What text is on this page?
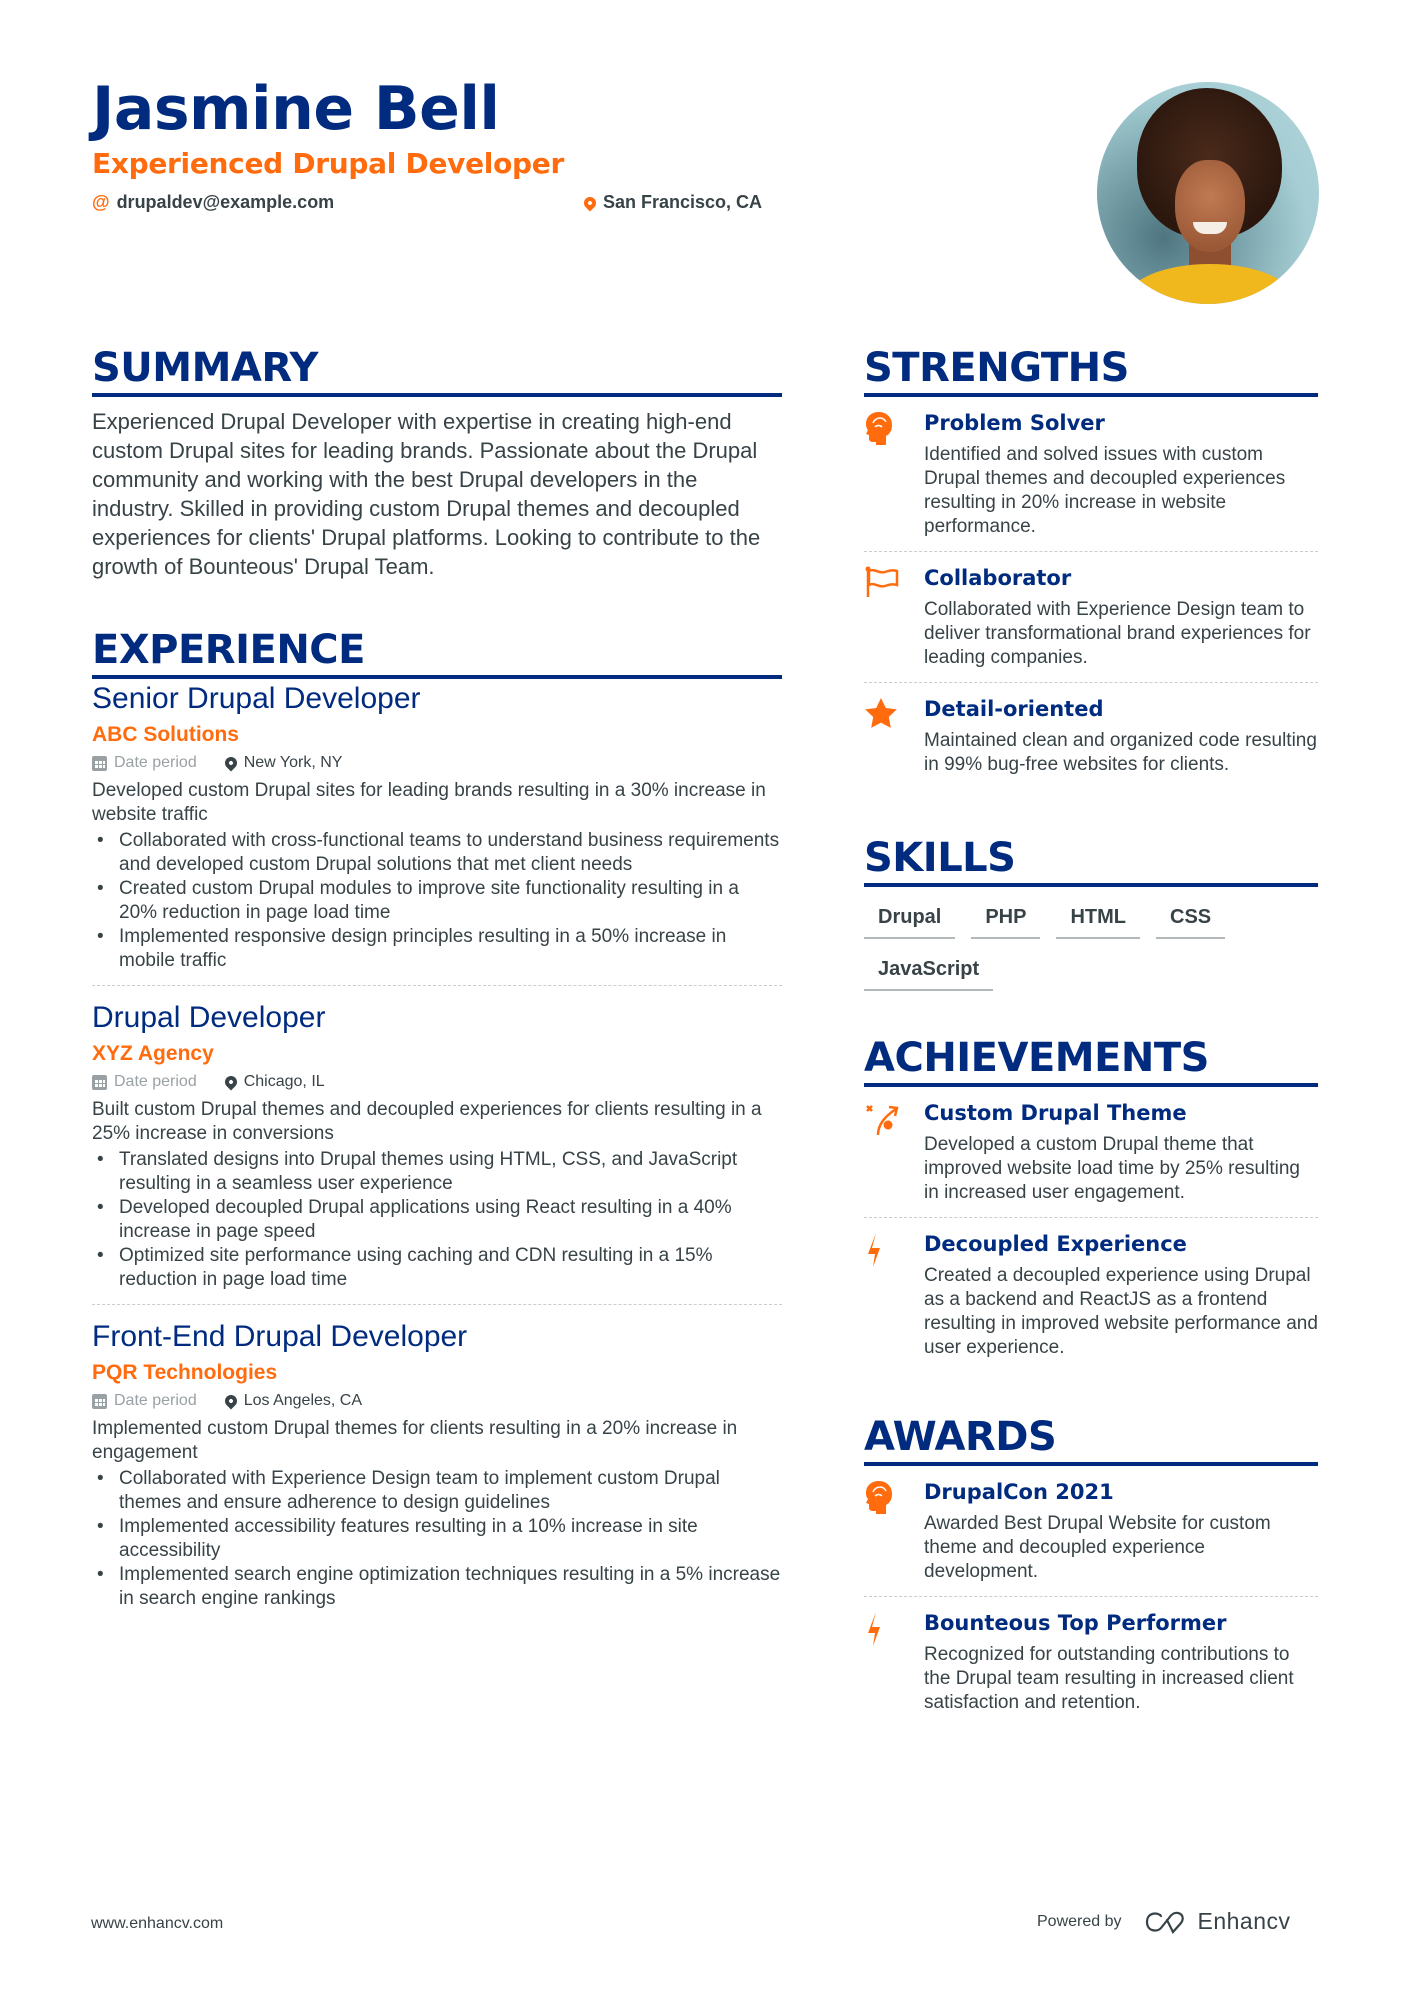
Jasmine Bell
Experienced Drupal Developer
@ drupaldev@example.com	San Francisco, CA
SUMMARY
Experienced Drupal Developer with expertise in creating high-end custom Drupal sites for leading brands. Passionate about the Drupal community and working with the best Drupal developers in the industry. Skilled in providing custom Drupal themes and decoupled experiences for clients' Drupal platforms. Looking to contribute to the growth of Bounteous' Drupal Team.
EXPERIENCE
Senior Drupal Developer
ABC Solutions
Date period	New York, NY
Developed custom Drupal sites for leading brands resulting in a 30% increase in website traffic
• Collaborated with cross-functional teams to understand business requirements and developed custom Drupal solutions that met client needs
• Created custom Drupal modules to improve site functionality resulting in a 20% reduction in page load time
• Implemented responsive design principles resulting in a 50% increase in mobile traffic
Drupal Developer
XYZ Agency
Date period	Chicago, IL
Built custom Drupal themes and decoupled experiences for clients resulting in a 25% increase in conversions
• Translated designs into Drupal themes using HTML, CSS, and JavaScript resulting in a seamless user experience
• Developed decoupled Drupal applications using React resulting in a 40% increase in page speed
• Optimized site performance using caching and CDN resulting in a 15% reduction in page load time
Front-End Drupal Developer
PQR Technologies
Date period	Los Angeles, CA
Implemented custom Drupal themes for clients resulting in a 20% increase in engagement
• Collaborated with Experience Design team to implement custom Drupal themes and ensure adherence to design guidelines
• Implemented accessibility features resulting in a 10% increase in site accessibility
• Implemented search engine optimization techniques resulting in a 5% increase in search engine rankings
STRENGTHS
Problem Solver
Identified and solved issues with custom Drupal themes and decoupled experiences resulting in 20% increase in website performance.
Collaborator
Collaborated with Experience Design team to deliver transformational brand experiences for leading companies.
Detail-oriented
Maintained clean and organized code resulting in 99% bug-free websites for clients.
SKILLS
Drupal	PHP	HTML	CSS
JavaScript
ACHIEVEMENTS
Custom Drupal Theme
Developed a custom Drupal theme that improved website load time by 25% resulting in increased user engagement.
Decoupled Experience
Created a decoupled experience using Drupal as a backend and ReactJS as a frontend resulting in improved website performance and user experience.
AWARDS
DrupalCon 2021
Awarded Best Drupal Website for custom theme and decoupled experience development.
Bounteous Top Performer
Recognized for outstanding contributions to the Drupal team resulting in increased client satisfaction and retention.
www.enhancv.com	Powered by	Enhancv
